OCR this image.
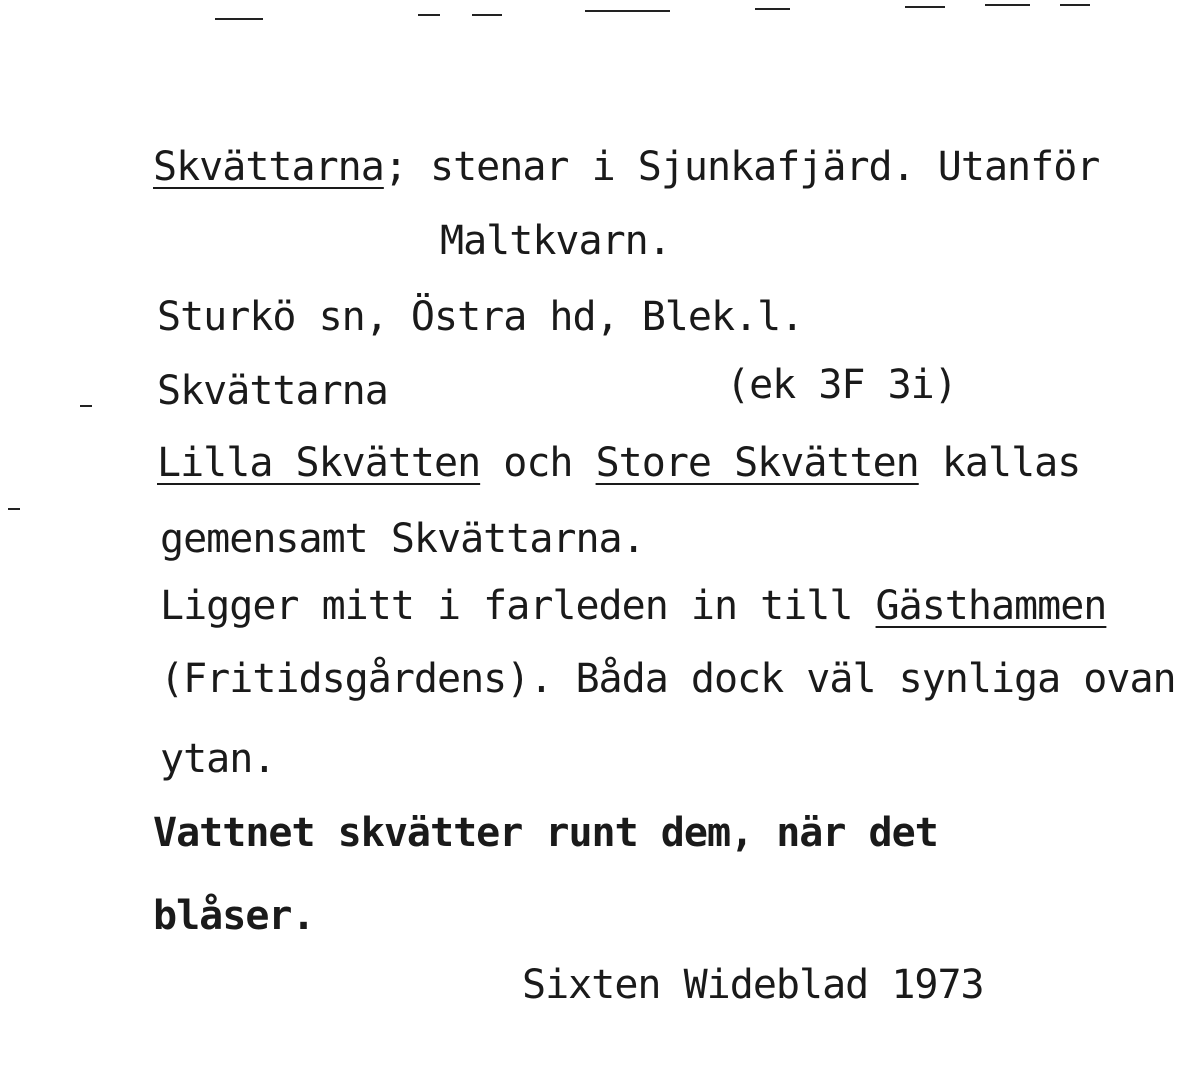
Skvättarna; stenar i Sjunkafjärd. Utanför
Maltkvarn.
Sturkö sn, Östra hd, Blek.l.
Skvättarna	(ek 3F 3i)
Lilla Skvätten och Store Skvätten kallas
gemensamt Skvättarna.
Ligger mitt i farleden in till Gästhammen
(Fritidsgårdens). Båda dock väl synliga ovan
ytan.
Vattnet skvätter runt dem, när det
blåser.
Sixten Wideblad 1973
